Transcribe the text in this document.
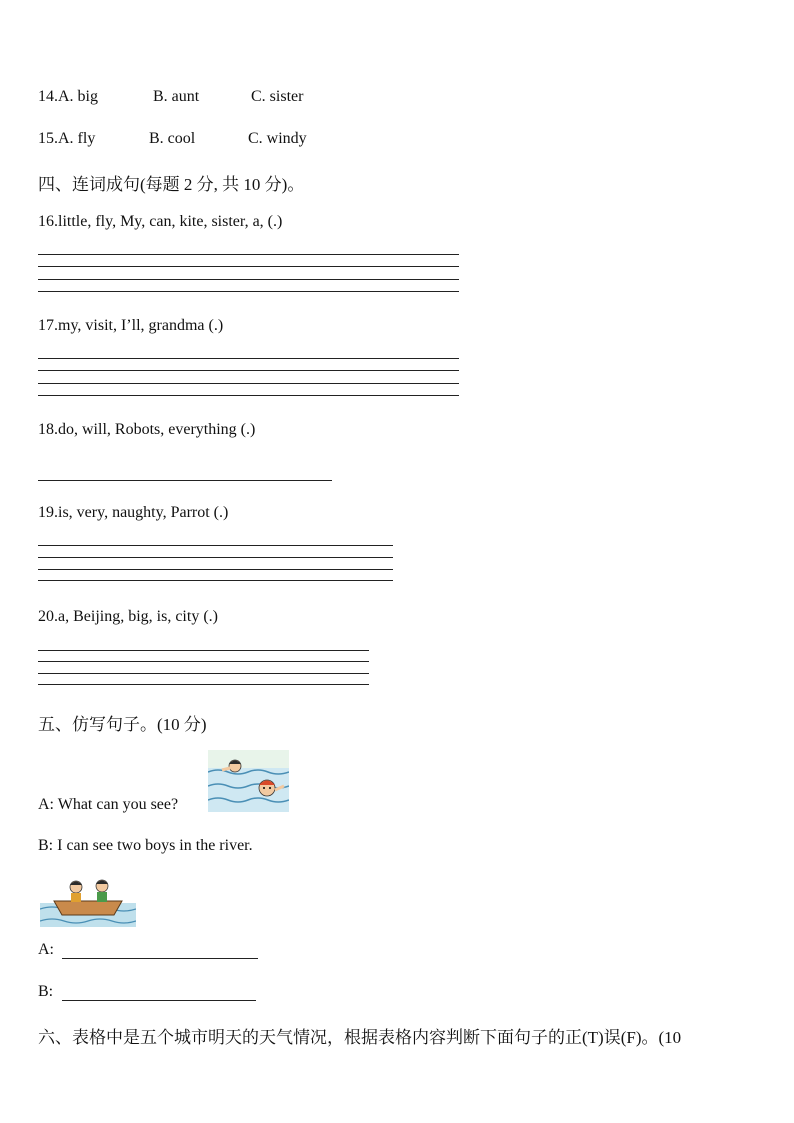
14.A. big	B. aunt	C. sister
15.A. fly	B. cool	C. windy
四、连词成句(每题 2 分, 共 10 分)。
16.little, fly, My, can, kite, sister, a, (.)
17.my, visit, I’ll, grandma (.)
18.do, will, Robots, everything (.)
19.is, very, naughty, Parrot (.)
20.a, Beijing, big, is, city (.)
五、仿写句子。(10 分)
A: What can you see?
B: I can see two boys in the river.
A:
B:
六、表格中是五个城市明天的天气情况，根据表格内容判断下面句子的正(T)误(F)。(10
